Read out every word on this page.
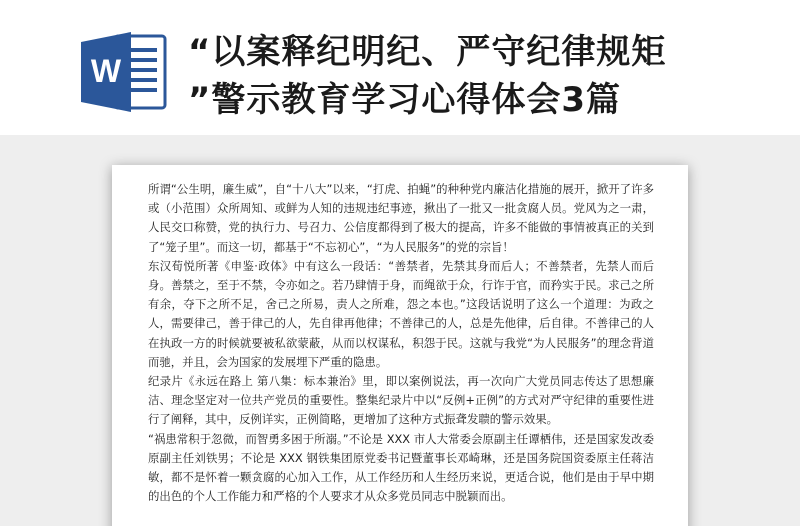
W “以案释纪明纪、严守纪律规矩
”警示教育学习心得体会3篇

所谓“公生明，廉生威”，自“十八大”以来，“打虎、拍蝇”的种种党内廉洁化措施的展开，掀开了许多或（小范围）众所周知、或鲜为人知的违规违纪事迹，揪出了一批又一批贪腐人员。党风为之一肃，人民交口称赞，党的执行力、号召力、公信度都得到了极大的提高，许多不能做的事情被真正的关到了“笼子里”。而这一切，都基于“不忘初心”，“为人民服务”的党的宗旨！

东汉荀悦所著《申鉴·政体》中有这么一段话：“善禁者，先禁其身而后人；不善禁者，先禁人而后身。善禁之，至于不禁，令亦如之。若乃肆情于身，而绳欲于众，行诈于官，而矜实于民。求己之所有余，夺下之所不足，舍己之所易，责人之所难，怨之本也。”这段话说明了这么一个道理：为政之人，需要律己，善于律己的人，先自律再他律；不善律己的人，总是先他律，后自律。不善律己的人在执政一方的时候就要被私欲蒙蔽，从而以权谋私，积怨于民。这就与我党“为人民服务”的理念背道而驰，并且，会为国家的发展埋下严重的隐患。

纪录片《永远在路上 第八集：标本兼治》里，即以案例说法，再一次向广大党员同志传达了思想廉洁、理念坚定对一位共产党员的重要性。整集纪录片中以“反例+正例”的方式对严守纪律的重要性进行了阐释，其中，反例详实，正例简略，更增加了这种方式振聋发聩的警示效果。

“祸患常积于忽微，而智勇多困于所溺。”不论是 XXX 市人大常委会原副主任谭栖伟，还是国家发改委原副主任刘铁男；不论是 XXX 钢铁集团原党委书记暨董事长邓崎琳，还是国务院国资委原主任蒋洁敏，都不是怀着一颗贪腐的心加入工作，从工作经历和人生经历来说，更适合说，他们是由于早中期的出色的个人工作能力和严格的个人要求才从众多党员同志中脱颖而出。
